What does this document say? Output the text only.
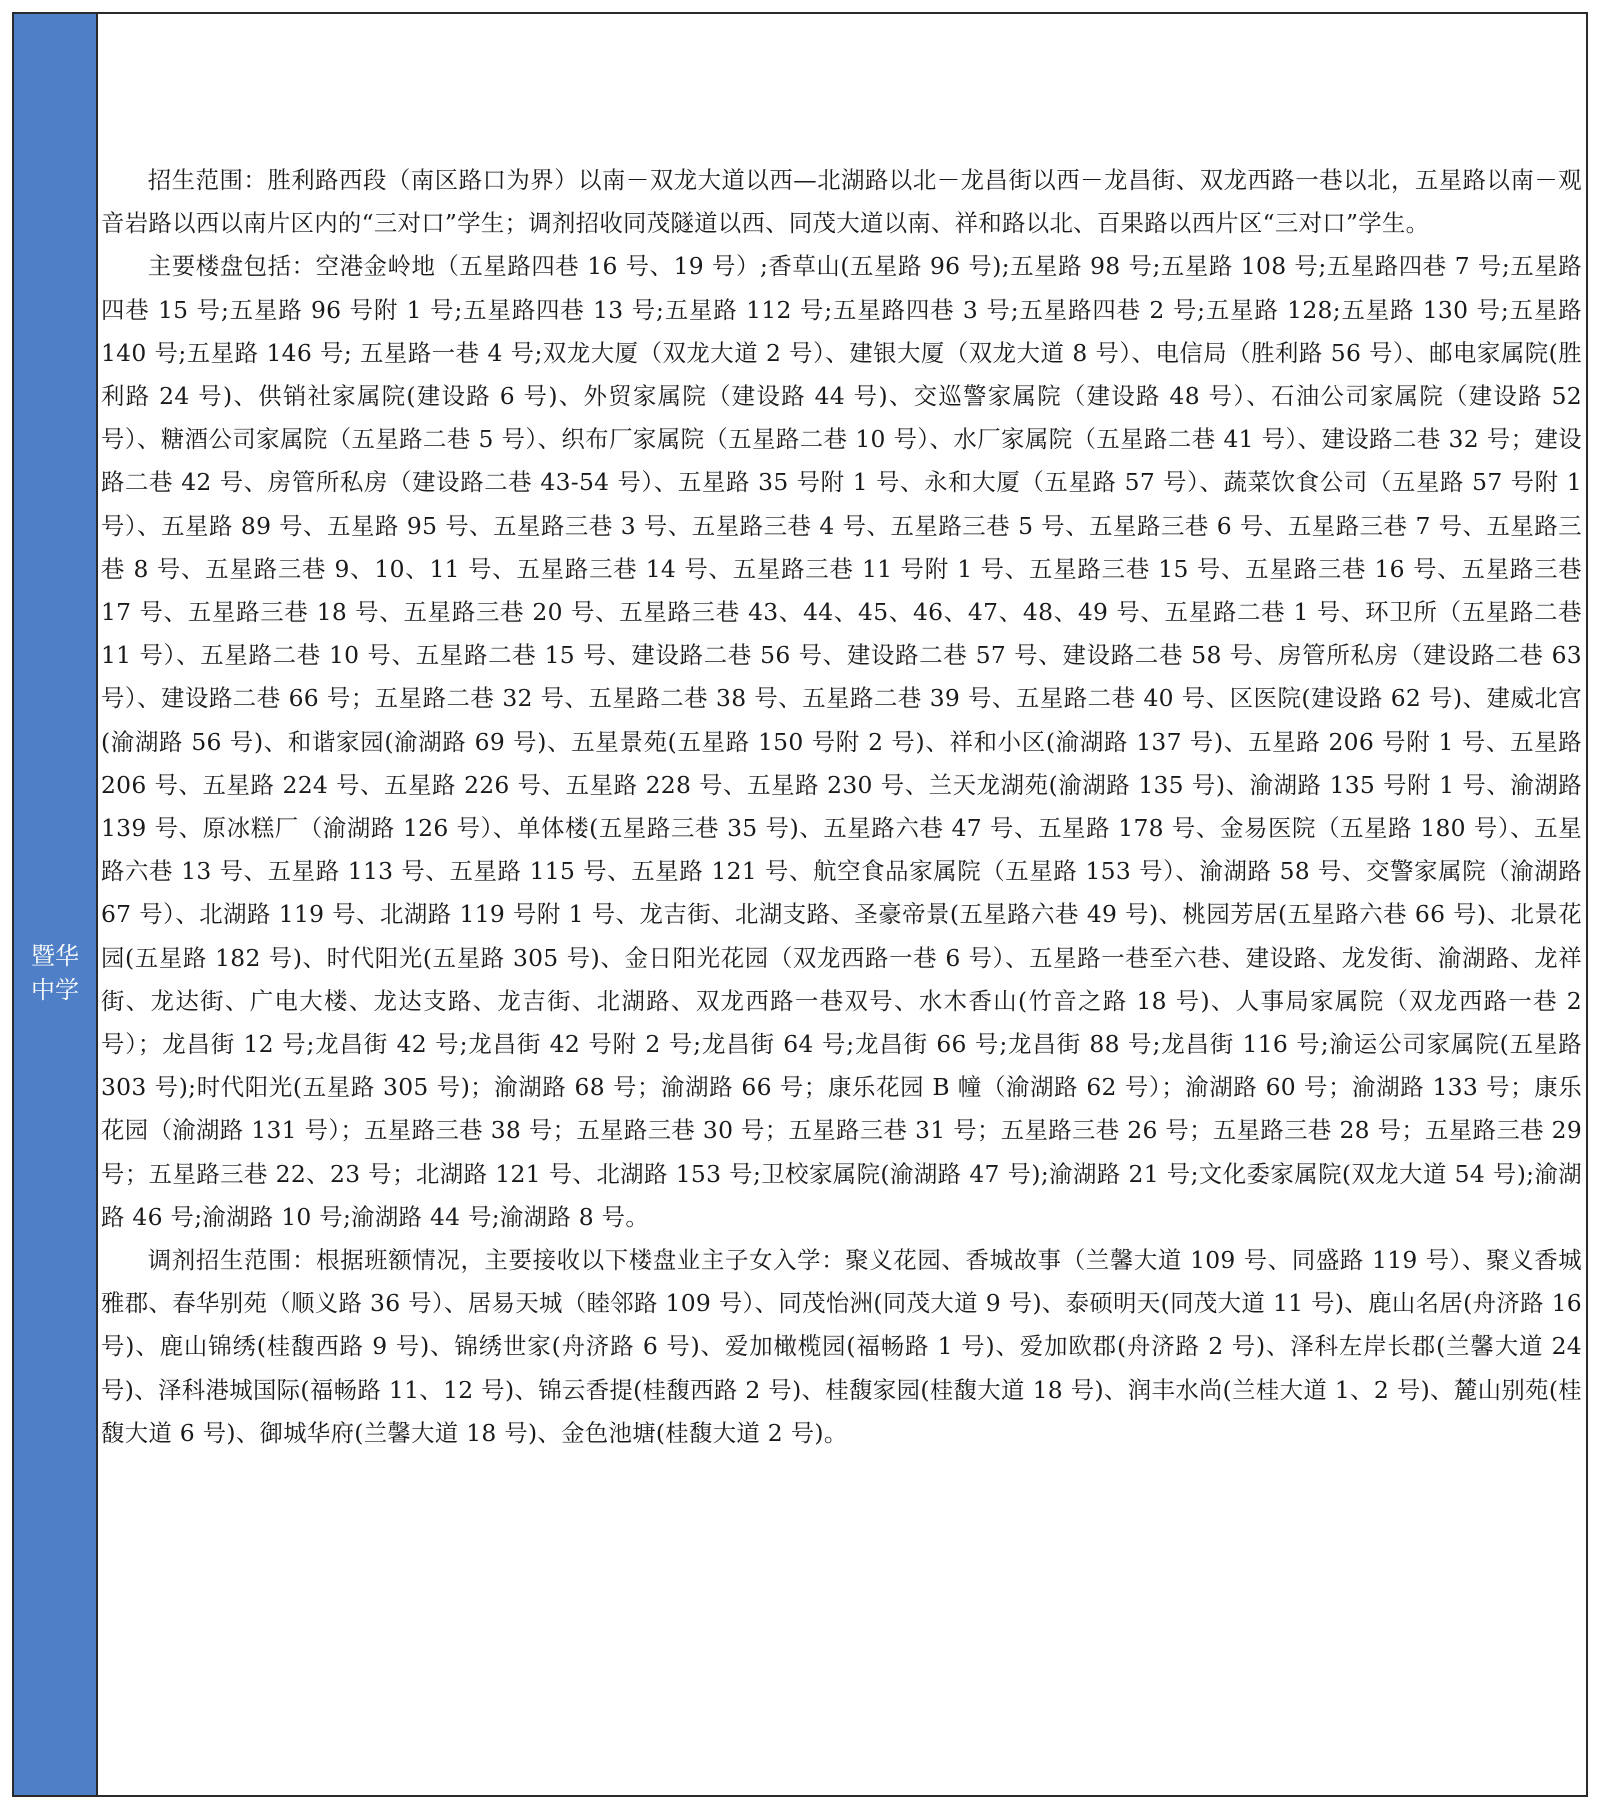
暨华中学

招生范围：胜利路西段（南区路口为界）以南－双龙大道以西—北湖路以北－龙昌街以西－龙昌街、双龙西路一巷以北，五星路以南－观音岩路以西以南片区内的“三对口”学生；调剂招收同茂隧道以西、同茂大道以南、祥和路以北、百果路以西片区“三对口”学生。

主要楼盘包括：空港金岭地（五星路四巷 16 号、19 号）;香草山(五星路 96 号);五星路 98 号;五星路 108 号;五星路四巷 7 号;五星路四巷 15 号;五星路 96 号附 1 号;五星路四巷 13 号;五星路 112 号;五星路四巷 3 号;五星路四巷 2 号;五星路 128;五星路 130 号;五星路 140 号;五星路 146 号; 五星路一巷 4 号;双龙大厦（双龙大道 2 号）、建银大厦（双龙大道 8 号）、电信局（胜利路 56 号）、邮电家属院(胜利路 24 号)、供销社家属院(建设路 6 号)、外贸家属院（建设路 44 号)、交巡警家属院（建设路 48 号）、石油公司家属院（建设路 52 号）、糖酒公司家属院（五星路二巷 5 号）、织布厂家属院（五星路二巷 10 号）、水厂家属院（五星路二巷 41 号）、建设路二巷 32 号；建设路二巷 42 号、房管所私房（建设路二巷 43-54 号）、五星路 35 号附 1 号、永和大厦（五星路 57 号）、蔬菜饮食公司（五星路 57 号附 1 号）、五星路 89 号、五星路 95 号、五星路三巷 3 号、五星路三巷 4 号、五星路三巷 5 号、五星路三巷 6 号、五星路三巷 7 号、五星路三巷 8 号、五星路三巷 9、10、11 号、五星路三巷 14 号、五星路三巷 11 号附 1 号、五星路三巷 15 号、五星路三巷 16 号、五星路三巷 17 号、五星路三巷 18 号、五星路三巷 20 号、五星路三巷 43、44、45、46、47、48、49 号、五星路二巷 1 号、环卫所（五星路二巷 11 号）、五星路二巷 10 号、五星路二巷 15 号、建设路二巷 56 号、建设路二巷 57 号、建设路二巷 58 号、房管所私房（建设路二巷 63 号）、建设路二巷 66 号；五星路二巷 32 号、五星路二巷 38 号、五星路二巷 39 号、五星路二巷 40 号、区医院(建设路 62 号)、建威北宫(渝湖路 56 号)、和谐家园(渝湖路 69 号)、五星景苑(五星路 150 号附 2 号)、祥和小区(渝湖路 137 号)、五星路 206 号附 1 号、五星路 206 号、五星路 224 号、五星路 226 号、五星路 228 号、五星路 230 号、兰天龙湖苑(渝湖路 135 号)、渝湖路 135 号附 1 号、渝湖路 139 号、原冰糕厂（渝湖路 126 号）、单体楼(五星路三巷 35 号)、五星路六巷 47 号、五星路 178 号、金易医院（五星路 180 号）、五星路六巷 13 号、五星路 113 号、五星路 115 号、五星路 121 号、航空食品家属院（五星路 153 号）、渝湖路 58 号、交警家属院（渝湖路 67 号）、北湖路 119 号、北湖路 119 号附 1 号、龙吉街、北湖支路、圣豪帝景(五星路六巷 49 号)、桃园芳居(五星路六巷 66 号)、北景花园(五星路 182 号)、时代阳光(五星路 305 号)、金日阳光花园（双龙西路一巷 6 号）、五星路一巷至六巷、建设路、龙发街、渝湖路、龙祥街、龙达街、广电大楼、龙达支路、龙吉街、北湖路、双龙西路一巷双号、水木香山(竹音之路 18 号)、人事局家属院（双龙西路一巷 2 号）；龙昌街 12 号;龙昌街 42 号;龙昌街 42 号附 2 号;龙昌街 64 号;龙昌街 66 号;龙昌街 88 号;龙昌街 116 号;渝运公司家属院(五星路 303 号);时代阳光(五星路 305 号)；渝湖路 68 号；渝湖路 66 号；康乐花园 B 幢（渝湖路 62 号）；渝湖路 60 号；渝湖路 133 号；康乐花园（渝湖路 131 号）；五星路三巷 38 号；五星路三巷 30 号；五星路三巷 31 号；五星路三巷 26 号；五星路三巷 28 号；五星路三巷 29 号；五星路三巷 22、23 号；北湖路 121 号、北湖路 153 号;卫校家属院(渝湖路 47 号);渝湖路 21 号;文化委家属院(双龙大道 54 号);渝湖路 46 号;渝湖路 10 号;渝湖路 44 号;渝湖路 8 号。

调剂招生范围：根据班额情况，主要接收以下楼盘业主子女入学：聚义花园、香城故事（兰馨大道 109 号、同盛路 119 号）、聚义香城雅郡、春华别苑（顺义路 36 号）、居易天城（睦邻路 109 号）、同茂怡洲(同茂大道 9 号)、泰硕明天(同茂大道 11 号)、鹿山名居(舟济路 16 号)、鹿山锦绣(桂馥西路 9 号)、锦绣世家(舟济路 6 号)、爱加橄榄园(福畅路 1 号)、爱加欧郡(舟济路 2 号)、泽科左岸长郡(兰馨大道 24 号)、泽科港城国际(福畅路 11、12 号)、锦云香提(桂馥西路 2 号)、桂馥家园(桂馥大道 18 号)、润丰水尚(兰桂大道 1、2 号)、麓山别苑(桂馥大道 6 号)、御城华府(兰馨大道 18 号)、金色池塘(桂馥大道 2 号)。
